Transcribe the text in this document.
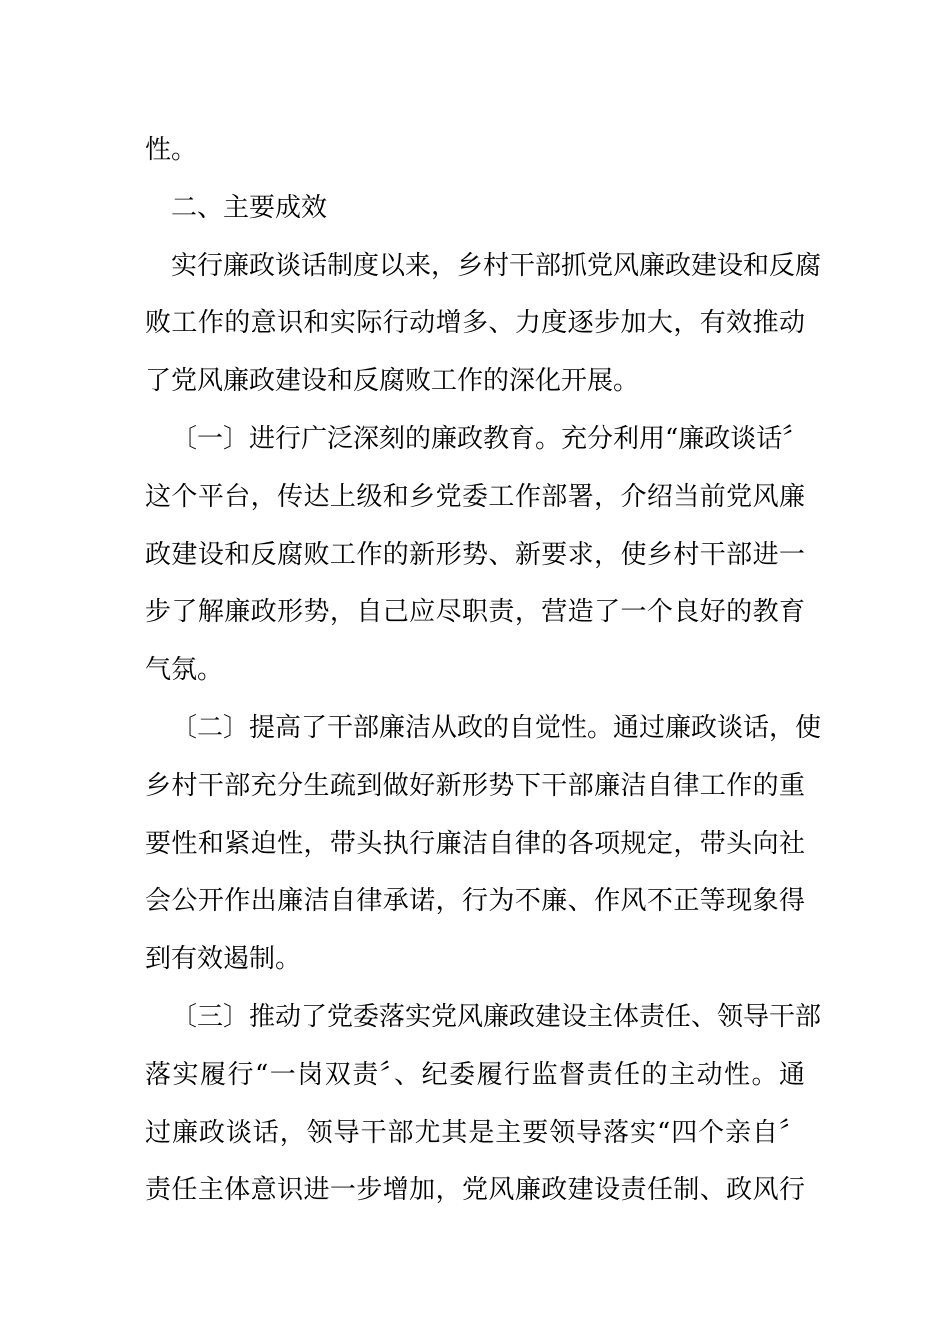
性。
二、主要成效
实行廉政谈话制度以来，乡村干部抓党风廉政建设和反腐
败工作的意识和实际行动增多、力度逐步加大，有效推动
了党风廉政建设和反腐败工作的深化开展。
〔一〕进行广泛深刻的廉政教育。充分利用“廉政谈话〞
这个平台，传达上级和乡党委工作部署，介绍当前党风廉
政建设和反腐败工作的新形势、新要求，使乡村干部进一
步了解廉政形势，自己应尽职责，营造了一个良好的教育
气氛。
〔二〕提高了干部廉洁从政的自觉性。通过廉政谈话，使
乡村干部充分生疏到做好新形势下干部廉洁自律工作的重
要性和紧迫性，带头执行廉洁自律的各项规定，带头向社
会公开作出廉洁自律承诺，行为不廉、作风不正等现象得
到有效遏制。
〔三〕推动了党委落实党风廉政建设主体责任、领导干部
落实履行“一岗双责〞、纪委履行监督责任的主动性。通
过廉政谈话，领导干部尤其是主要领导落实“四个亲自〞
责任主体意识进一步增加，党风廉政建设责任制、政风行
